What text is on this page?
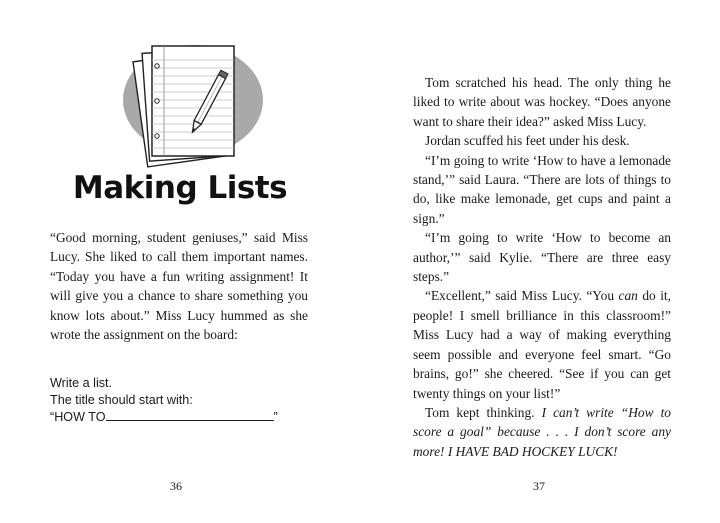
Making Lists

“Good morning, student geniuses,” said Miss Lucy. She liked to call them important names. “Today you have a fun writing assignment! It will give you a chance to share something you know lots about.” Miss Lucy hummed as she wrote the assignment on the board:

Write a list.
The title should start with:
“HOW TO	”
36

Tom scratched his head. The only thing he liked to write about was hockey. “Does anyone want to share their idea?” asked Miss Lucy.

Jordan scuffed his feet under his desk.

“I’m going to write ‘How to have a lemonade stand,’” said Laura. “There are lots of things to do, like make lemonade, get cups and paint a sign.”

“I’m going to write ‘How to become an author,’” said Kylie. “There are three easy steps.”

“Excellent,” said Miss Lucy. “You can do it, people! I smell brilliance in this classroom!” Miss Lucy had a way of making everything seem possible and everyone feel smart. “Go brains, go!” she cheered. “See if you can get twenty things on your list!”

Tom kept thinking. I can’t write “How to score a goal” because . . . I don’t score any more! I HAVE BAD HOCKEY LUCK!

37
